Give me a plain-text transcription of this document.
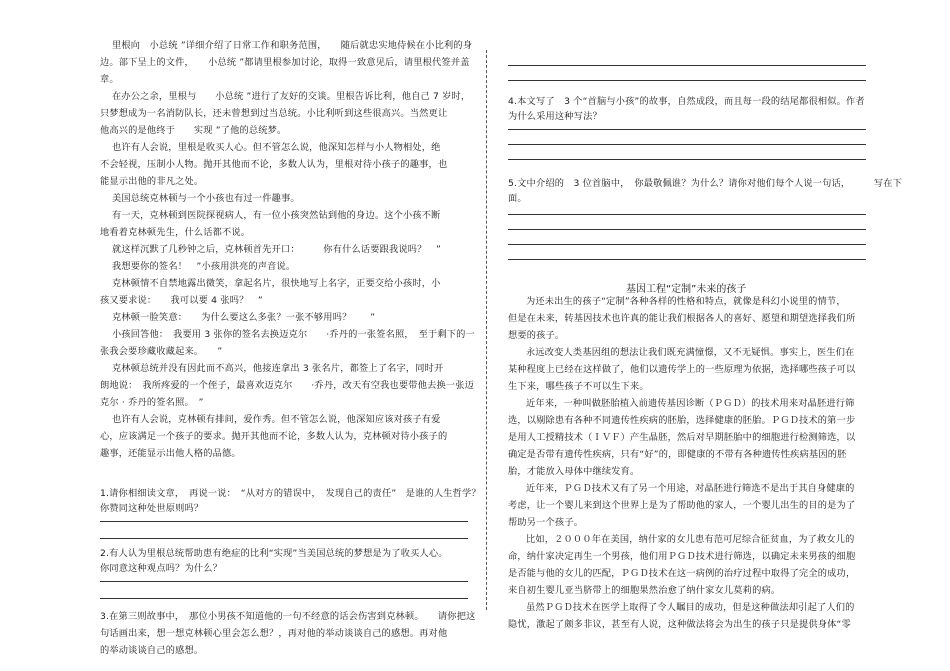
里根向　小总统 ”详细介绍了日常工作和职务范围，　　随后就忠实地侍候在小比利的身
边。部下呈上的文件，　　小总统 ”都请里根参加讨论，取得一致意见后，请里根代签并盖
章。
在办公之余，里根与　　小总统 ”进行了友好的交谈。里根告诉比利，他自己 7 岁时，
只梦想成为一名消防队长，还未曾想到过当总统。小比利听到这些很高兴。当然更让
他高兴的是他终于　　实现 ”了他的总统梦。
也许有人会说，里根是收买人心。但不管怎么说，他深知怎样与小人物相处，绝
不会轻视，压制小人物。抛开其他而不论，多数人认为，里根对待小孩子的趣事，也
能显示出他的非凡之处。
美国总统克林顿与一个小孩也有过一件趣事。
有一天，克林顿到医院探视病人，有一位小孩突然钻到他的身边。这个小孩不断
地看着克林顿先生，什么话都不说。
就这样沉默了几秒钟之后，克林顿首先开口：　　　你有什么话要跟我说吗？　”
我想要你的签名！　”小孩用洪亮的声音说。
克林顿情不自禁地露出微笑，拿起名片，很快地写上名字，正要交给小孩时，小
孩又要求说：　　我可以要 4 张吗？　”
克林顿一脸笑意：　　为什么要这么多张？一张不够用吗？　　”
小孩回答他：　我要用 3 张你的签名去换迈克尔　　·乔丹的一张签名照，　至于剩下的一
张我会要珍藏收藏起来。　　”
克林顿总统并没有因此而不高兴，他接连拿出 3 张名片，都签上了名字，同时开
朗地说：　我所疼爱的一个侄子，最喜欢迈克尔　　·乔丹，改天有空我也要带他去换一张迈
克尔 · 乔丹的签名照。　”
也许有人会说，克林顿有排间，爱作秀。但不管怎么说，他深知应该对孩子有爱
心，应该满足一个孩子的要求。抛开其他而不论，多数人认为，克林顿对待小孩子的
趣事，还能显示出他人格的品德。
1.请你相细读文章，　再说一说：　“从对方的错误中，　发现自己的责任”　是谁的人生哲学？
你赞同这种处世原则吗？
2.有人认为里根总统帮助患有绝症的比利“实现”当美国总统的梦想是为了收买人心。
你同意这种观点吗？为什么？
3.在第三则故事中，　那位小男孩不知道他的一句不经意的话会伤害到克林顿。　　请你把这
句话画出来，想一想克林顿心里会怎么想？，再对他的举动谈谈自己的感想。再对他
的举动谈谈自己的感想。
4.本文写了　3 个“首脑与小孩”的故事，自然成段，而且每一段的结尾都很相似。作者
为什么采用这种写法？
5.文中介绍的　3 位首脑中，　你最敬佩谁？为什么？请你对他们每个人说一句话，　　　写在下
面。
基因工程“定制”未来的孩子
为还未出生的孩子“定制”各种各样的性格和特点，就像是科幻小说里的情节，
但是在未来，转基因技术也许真的能让我们根据各人的喜好、愿望和期望选择我们所
想要的孩子。
永远改变人类基因组的想法让我们既充满憧憬，又不无疑惧。事实上，医生们在
某种程度上已经在这样做了，他们以遗传学上的一些原理为依据，选择哪些孩子可以
生下来，哪些孩子不可以生下来。
近年来，一种叫做胚胎植入前遗传基因诊断（ＰＧＤ）的技术用来对晶胚进行筛
选，以剔除患有各种不同遗传性疾病的胚胎，选择健康的胚胎。ＰＧＤ技术的第一步
是用人工授精技术（ＩＶＦ）产生晶胚，然后对早期胚胎中的细胞进行检测筛选，以
确定是否带有遗传性疾病，只有“好”的，即健康的不带有各种遗传性疾病基因的胚
胎，才能放入母体中继续发育。
近年来，ＰＧＤ技术又有了另一个用途，对晶胚进行筛选不是出于其自身健康的
考虑，让一个婴儿来到这个世界上是为了帮助他的家人，一个婴儿出生的目的是为了
帮助另一个孩子。
比如，２０００年在美国，纳什家的女儿患有范可尼综合征贫血，为了救女儿的
命，纳什家决定再生一个男孩，他们用ＰＧＤ技术进行筛选，以确定未来男孩的细胞
是否能与他的女儿的匹配，ＰＧＤ技术在这一病例的治疗过程中取得了完全的成功，
来自初生婴儿亚当脐带上的细胞果然治愈了纳什家女儿莫莉的病。
虽然ＰＧＤ技术在医学上取得了令人瞩目的成功，但是这种做法却引起了人们的
隐忧，激起了颇多非议，甚至有人说，这种做法将会为出生的孩子只是提供身体“零
